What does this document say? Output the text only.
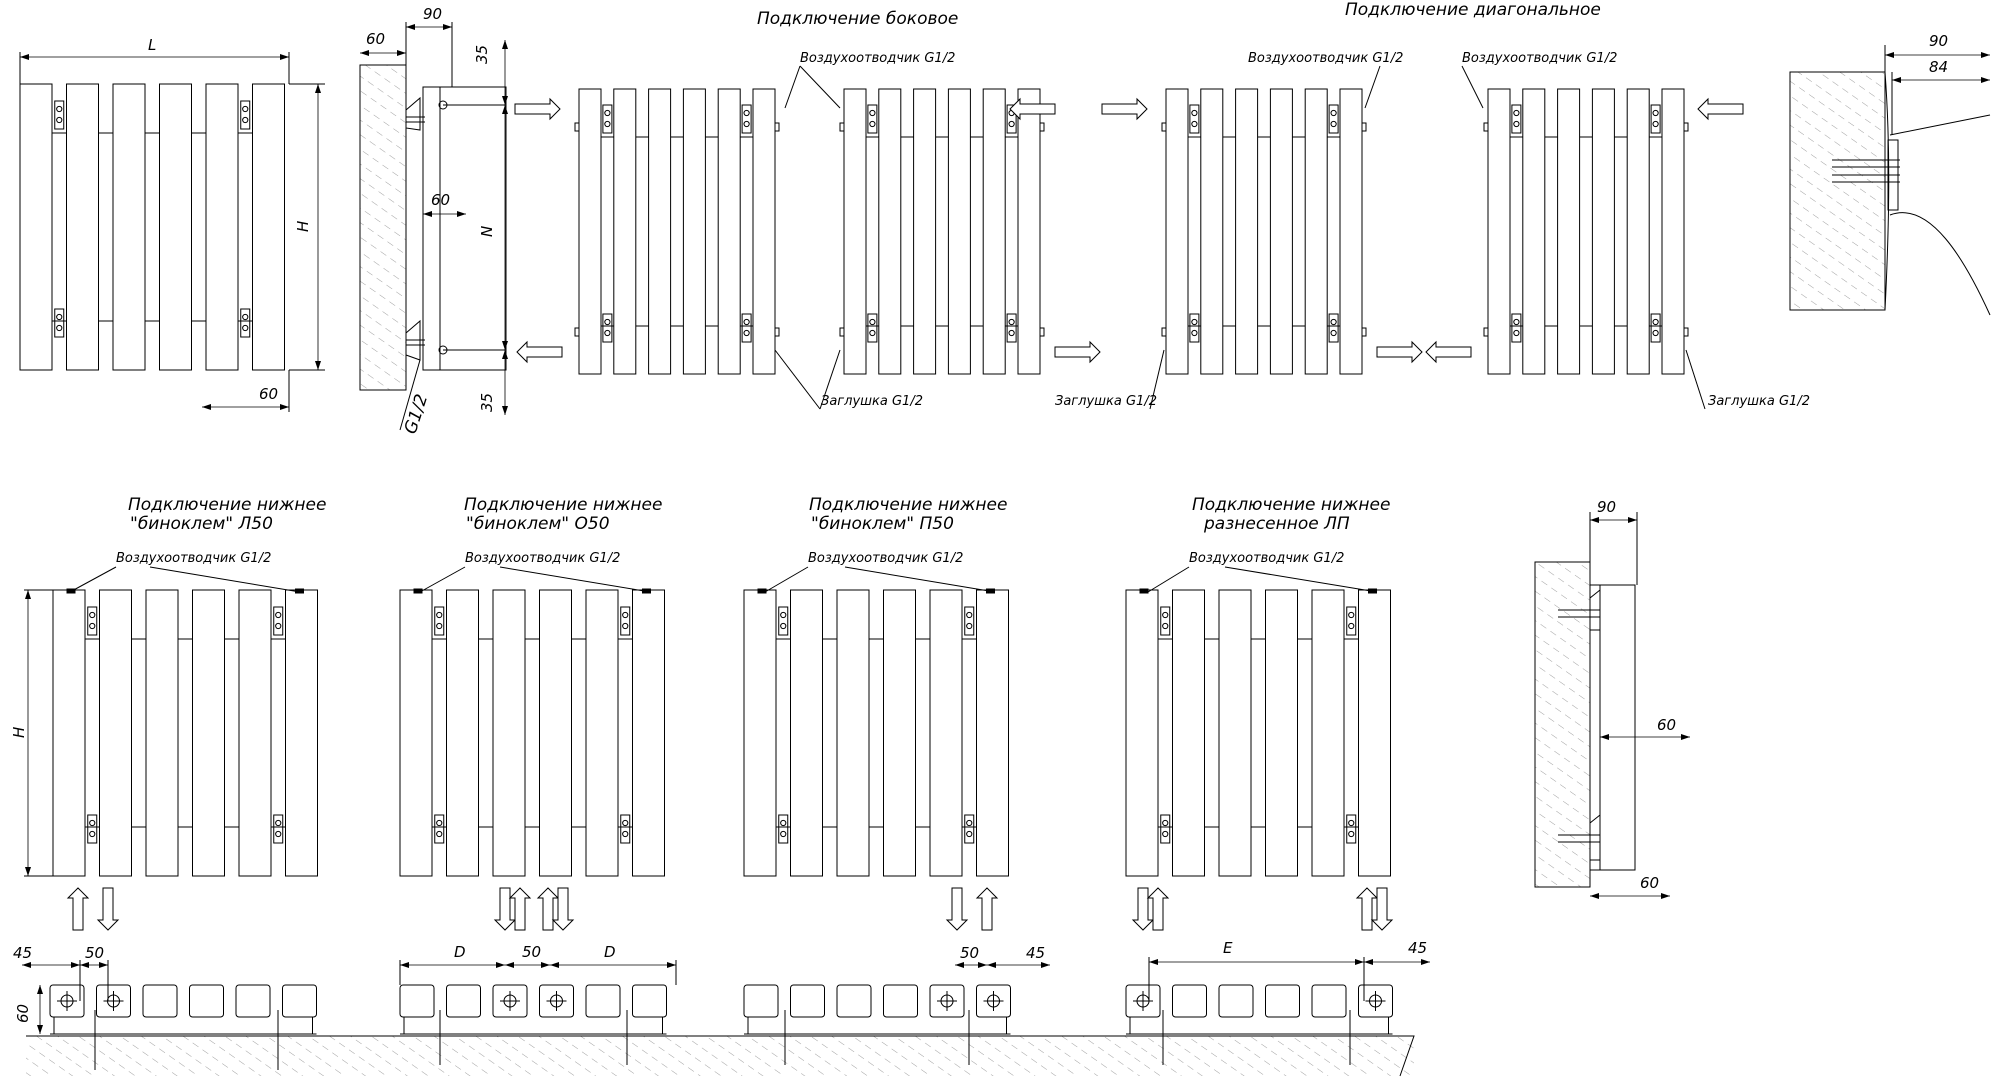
Подключение боковое	Подключение диагональное
Подключение нижнее
"биноклем" Л50
Подключение нижнее
"биноклем" О50
Подключение нижнее
"биноклем" П50
Подключение нижнее
разнесенное ЛП
Воздухоотводчик G1/2	Воздухоотводчик G1/2	Воздухоотводчик G1/2
Заглушка G1/2	Заглушка G1/2	Заглушка G1/2
G1/2
Воздухоотводчик G1/2	Воздухоотводчик G1/2	Воздухоотводчик G1/2	Воздухоотводчик G1/2
L
H
60
60
90
35
60
N
35
90
84
H
90
60
60
45	50
60
D	50	D	50	45	E	45
